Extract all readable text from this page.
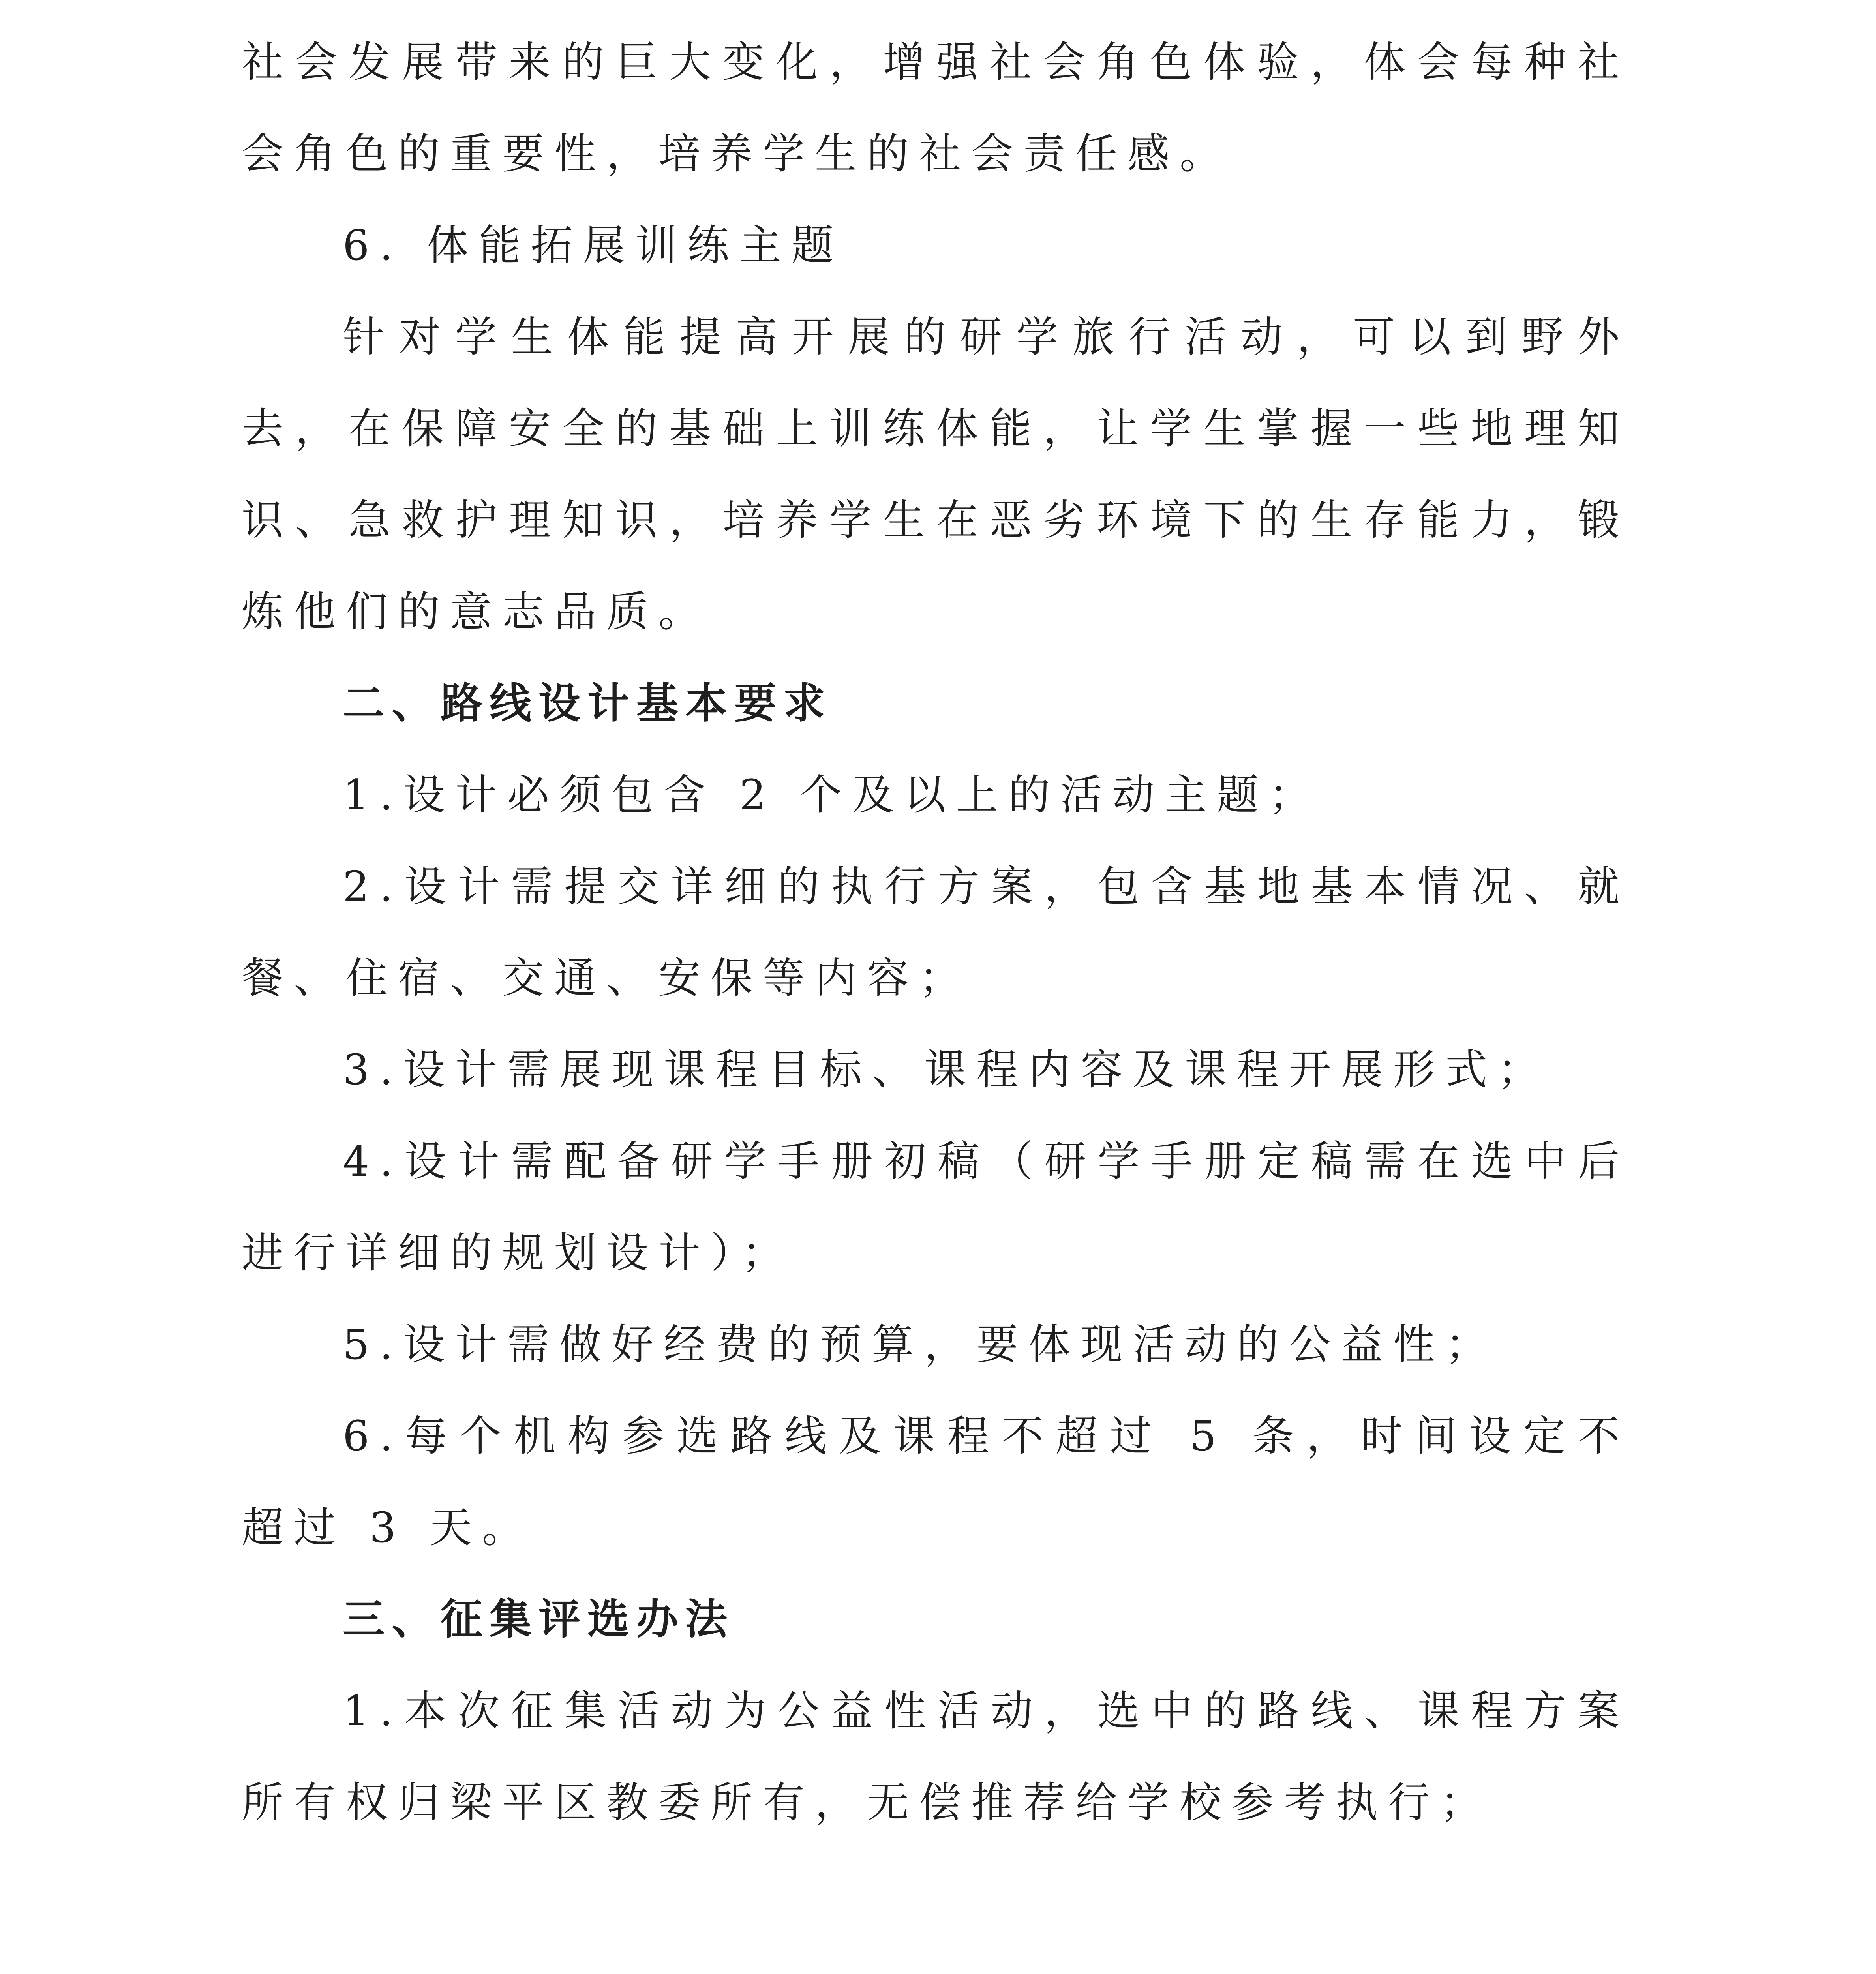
社会发展带来的巨大变化，增强社会角色体验，体会每种社会角色的重要性，培养学生的社会责任感。

6. 体能拓展训练主题

针对学生体能提高开展的研学旅行活动，可以到野外去，在保障安全的基础上训练体能，让学生掌握一些地理知识、急救护理知识，培养学生在恶劣环境下的生存能力，锻炼他们的意志品质。

二、路线设计基本要求

1.设计必须包含 2 个及以上的活动主题；

2.设计需提交详细的执行方案，包含基地基本情况、就餐、住宿、交通、安保等内容；

3.设计需展现课程目标、课程内容及课程开展形式；

4.设计需配备研学手册初稿（研学手册定稿需在选中后进行详细的规划设计）；

5.设计需做好经费的预算，要体现活动的公益性；

6.每个机构参选路线及课程不超过 5 条，时间设定不超过 3 天。

三、征集评选办法

1.本次征集活动为公益性活动，选中的路线、课程方案所有权归梁平区教委所有，无偿推荐给学校参考执行；
